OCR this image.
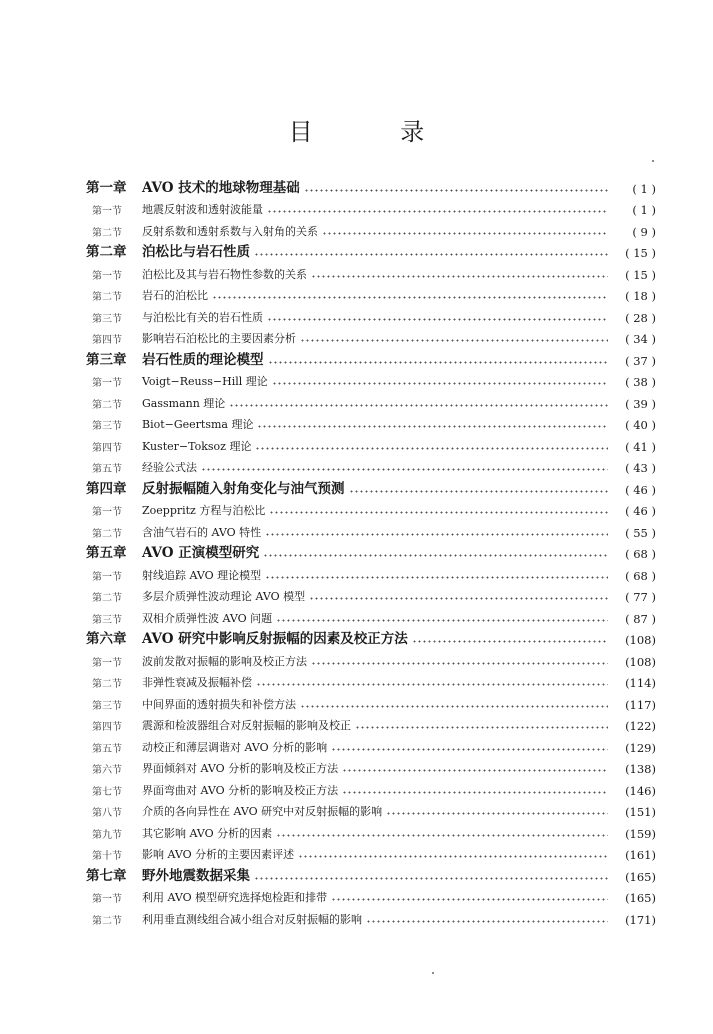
目 录
第一章	AVO 技术的地球物理基础	( 1 )
第一节	地震反射波和透射波能量	( 1 )
第二节	反射系数和透射系数与入射角的关系	( 9 )
第二章	泊松比与岩石性质	( 15 )
第一节	泊松比及其与岩石物性参数的关系	( 15 )
第二节	岩石的泊松比	( 18 )
第三节	与泊松比有关的岩石性质	( 28 )
第四节	影响岩石泊松比的主要因素分析	( 34 )
第三章	岩石性质的理论模型	( 37 )
第一节	Voigt−Reuss−Hill 理论	( 38 )
第二节	Gassmann 理论	( 39 )
第三节	Biot−Geertsma 理论	( 40 )
第四节	Kuster−Toksoz 理论	( 41 )
第五节	经验公式法	( 43 )
第四章	反射振幅随入射角变化与油气预测	( 46 )
第一节	Zoeppritz 方程与泊松比	( 46 )
第二节	含油气岩石的 AVO 特性	( 55 )
第五章	AVO 正演模型研究	( 68 )
第一节	射线追踪 AVO 理论模型	( 68 )
第二节	多层介质弹性波动理论 AVO 模型	( 77 )
第三节	双相介质弹性波 AVO 问题	( 87 )
第六章	AVO 研究中影响反射振幅的因素及校正方法	(108)
第一节	波前发散对振幅的影响及校正方法	(108)
第二节	非弹性衰减及振幅补偿	(114)
第三节	中间界面的透射损失和补偿方法	(117)
第四节	震源和检波器组合对反射振幅的影响及校正	(122)
第五节	动校正和薄层调谐对 AVO 分析的影响	(129)
第六节	界面倾斜对 AVO 分析的影响及校正方法	(138)
第七节	界面弯曲对 AVO 分析的影响及校正方法	(146)
第八节	介质的各向异性在 AVO 研究中对反射振幅的影响	(151)
第九节	其它影响 AVO 分析的因素	(159)
第十节	影响 AVO 分析的主要因素评述	(161)
第七章	野外地震数据采集	(165)
第一节	利用 AVO 模型研究选择炮检距和排带	(165)
第二节	利用垂直测线组合减小组合对反射振幅的影响	(171)
